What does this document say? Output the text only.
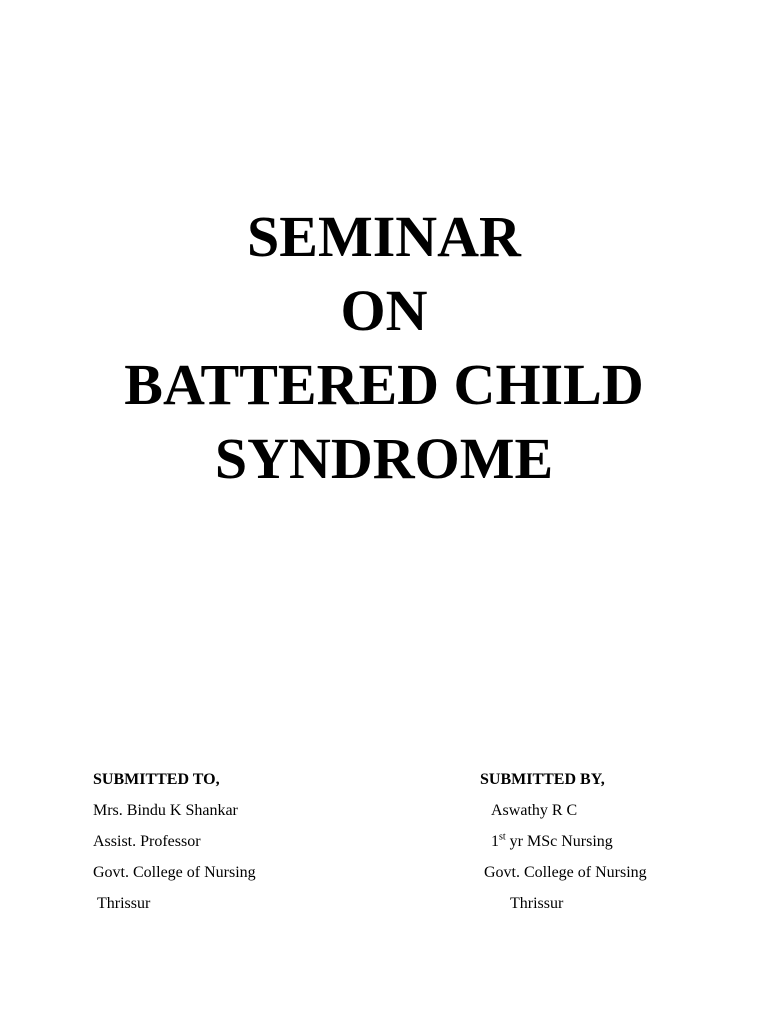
SEMINAR
ON
BATTERED CHILD
SYNDROME
SUBMITTED TO,
Mrs. Bindu K Shankar
Assist. Professor
Govt. College of Nursing
Thrissur
SUBMITTED BY,
Aswathy R C
1st yr MSc Nursing
Govt. College of Nursing
Thrissur
